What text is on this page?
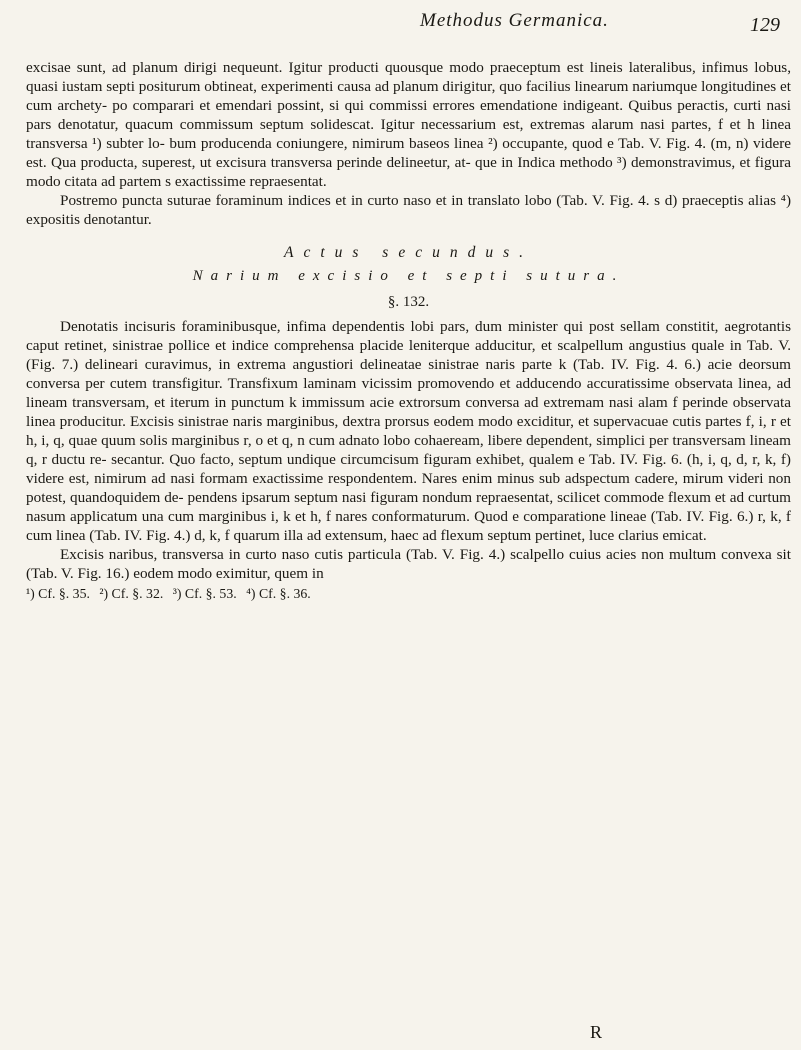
Methodus Germanica.	129

excisae sunt, ad planum dirigi nequeunt. Igitur producti quousque modo praeceptum est lineis lateralibus, infimus lobus, quasi iustam septi positurum obtineat, experimenti causa ad planum dirigitur, quo facilius linearum nariumque longitudines et cum archety- po comparari et emendari possint, si qui commissi errores emendatione indigeant. Quibus peractis, curti nasi pars denotatur, quacum commissum septum solidescat. Igitur necessarium est, extremas alarum nasi partes, f et h linea transversa ¹) subter lo- bum producenda coniungere, nimirum baseos linea ²) occupante, quod e Tab. V. Fig. 4. (m, n) videre est. Qua producta, superest, ut excisura transversa perinde delineetur, at- que in Indica methodo ³) demonstravimus, et figura modo citata ad partem s exactissime repraesentat.

Postremo puncta suturae foraminum indices et in curto naso et in translato lobo (Tab. V. Fig. 4. s d) praeceptis alias ⁴) expositis denotantur.

Actus secundus.
Narium excisio et septi sutura.
§. 132.

Denotatis incisuris foraminibusque, infima dependentis lobi pars, dum minister qui post sellam constitit, aegrotantis caput retinet, sinistrae pollice et indice comprehensa placide leniterque adducitur, et scalpellum angustius quale in Tab. V. (Fig. 7.) delineari curavimus, in extrema angustiori delineatae sinistrae naris parte k (Tab. IV. Fig. 4. 6.) acie deorsum conversa per cutem transfigitur. Transfixum laminam vicissim promovendo et adducendo accuratissime observata linea, ad lineam transversam, et iterum in punctum k immissum acie extrorsum conversa ad extremam nasi alam f perinde observata linea producitur. Excisis sinistrae naris marginibus, dextra prorsus eodem modo exciditur, et supervacuae cutis partes f, i, r et h, i, q, quae quum solis marginibus r, o et q, n cum adnato lobo cohaeream, libere dependent, simplici per transversam lineam q, r ductu re- secantur. Quo facto, septum undique circumcisum figuram exhibet, qualem e Tab. IV. Fig. 6. (h, i, q, d, r, k, f) videre est, nimirum ad nasi formam exactissime respondentem. Nares enim minus sub adspectum cadere, mirum videri non potest, quandoquidem de- pendens ipsarum septum nasi figuram nondum repraesentat, scilicet commode flexum et ad curtum nasum applicatum una cum marginibus i, k et h, f nares conformaturum. Quod e comparatione lineae (Tab. IV. Fig. 6.) r, k, f cum linea (Tab. IV. Fig. 4.) d, k, f quarum illa ad extensum, haec ad flexum septum pertinet, luce clarius emicat.

Excisis naribus, transversa in curto naso cutis particula (Tab. V. Fig. 4.) scalpello cuius acies non multum convexa sit (Tab. V. Fig. 16.) eodem modo eximitur, quem in

¹) Cf. §. 35. ²) Cf. §. 32. ³) Cf. §. 53. ⁴) Cf. §. 36.
R
